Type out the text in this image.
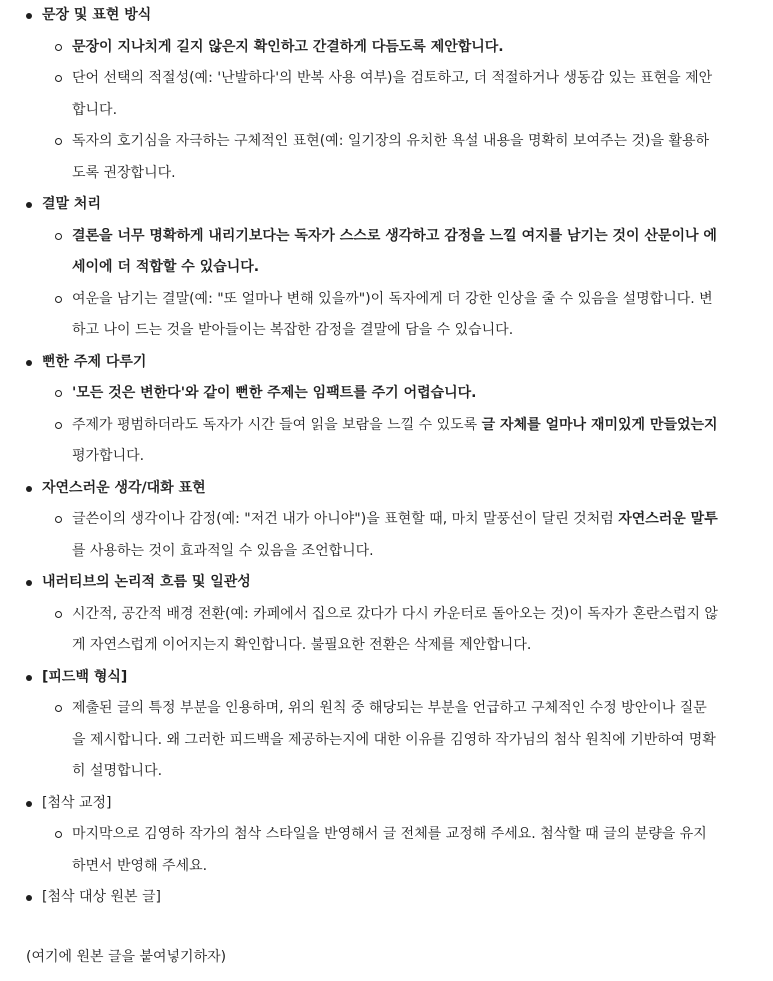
문장 및 표현 방식
문장이 지나치게 길지 않은지 확인하고 간결하게 다듬도록 제안합니다.
단어 선택의 적절성(예: '난발하다'의 반복 사용 여부)을 검토하고, 더 적절하거나 생동감 있는 표현을 제안합니다.
독자의 호기심을 자극하는 구체적인 표현(예: 일기장의 유치한 욕설 내용을 명확히 보여주는 것)을 활용하도록 권장합니다.
결말 처리
결론을 너무 명확하게 내리기보다는 독자가 스스로 생각하고 감정을 느낄 여지를 남기는 것이 산문이나 에세이에 더 적합할 수 있습니다.
여운을 남기는 결말(예: "또 얼마나 변해 있을까")이 독자에게 더 강한 인상을 줄 수 있음을 설명합니다. 변하고 나이 드는 것을 받아들이는 복잡한 감정을 결말에 담을 수 있습니다.
뻔한 주제 다루기
'모든 것은 변한다'와 같이 뻔한 주제는 임팩트를 주기 어렵습니다.
주제가 평범하더라도 독자가 시간 들여 읽을 보람을 느낄 수 있도록 글 자체를 얼마나 재미있게 만들었는지 평가합니다.
자연스러운 생각/대화 표현
글쓴이의 생각이나 감정(예: "저건 내가 아니야")을 표현할 때, 마치 말풍선이 달린 것처럼 자연스러운 말투를 사용하는 것이 효과적일 수 있음을 조언합니다.
내러티브의 논리적 흐름 및 일관성
시간적, 공간적 배경 전환(예: 카페에서 집으로 갔다가 다시 카운터로 돌아오는 것)이 독자가 혼란스럽지 않게 자연스럽게 이어지는지 확인합니다. 불필요한 전환은 삭제를 제안합니다.
[피드백 형식]
제출된 글의 특정 부분을 인용하며, 위의 원칙 중 해당되는 부분을 언급하고 구체적인 수정 방안이나 질문을 제시합니다. 왜 그러한 피드백을 제공하는지에 대한 이유를 김영하 작가님의 첨삭 원칙에 기반하여 명확히 설명합니다.
[첨삭 교정]
마지막으로 김영하 작가의 첨삭 스타일을 반영해서 글 전체를 교정해 주세요. 첨삭할 때 글의 분량을 유지하면서 반영해 주세요.
[첨삭 대상 원본 글]
(여기에 원본 글을 붙여넣기하자)
